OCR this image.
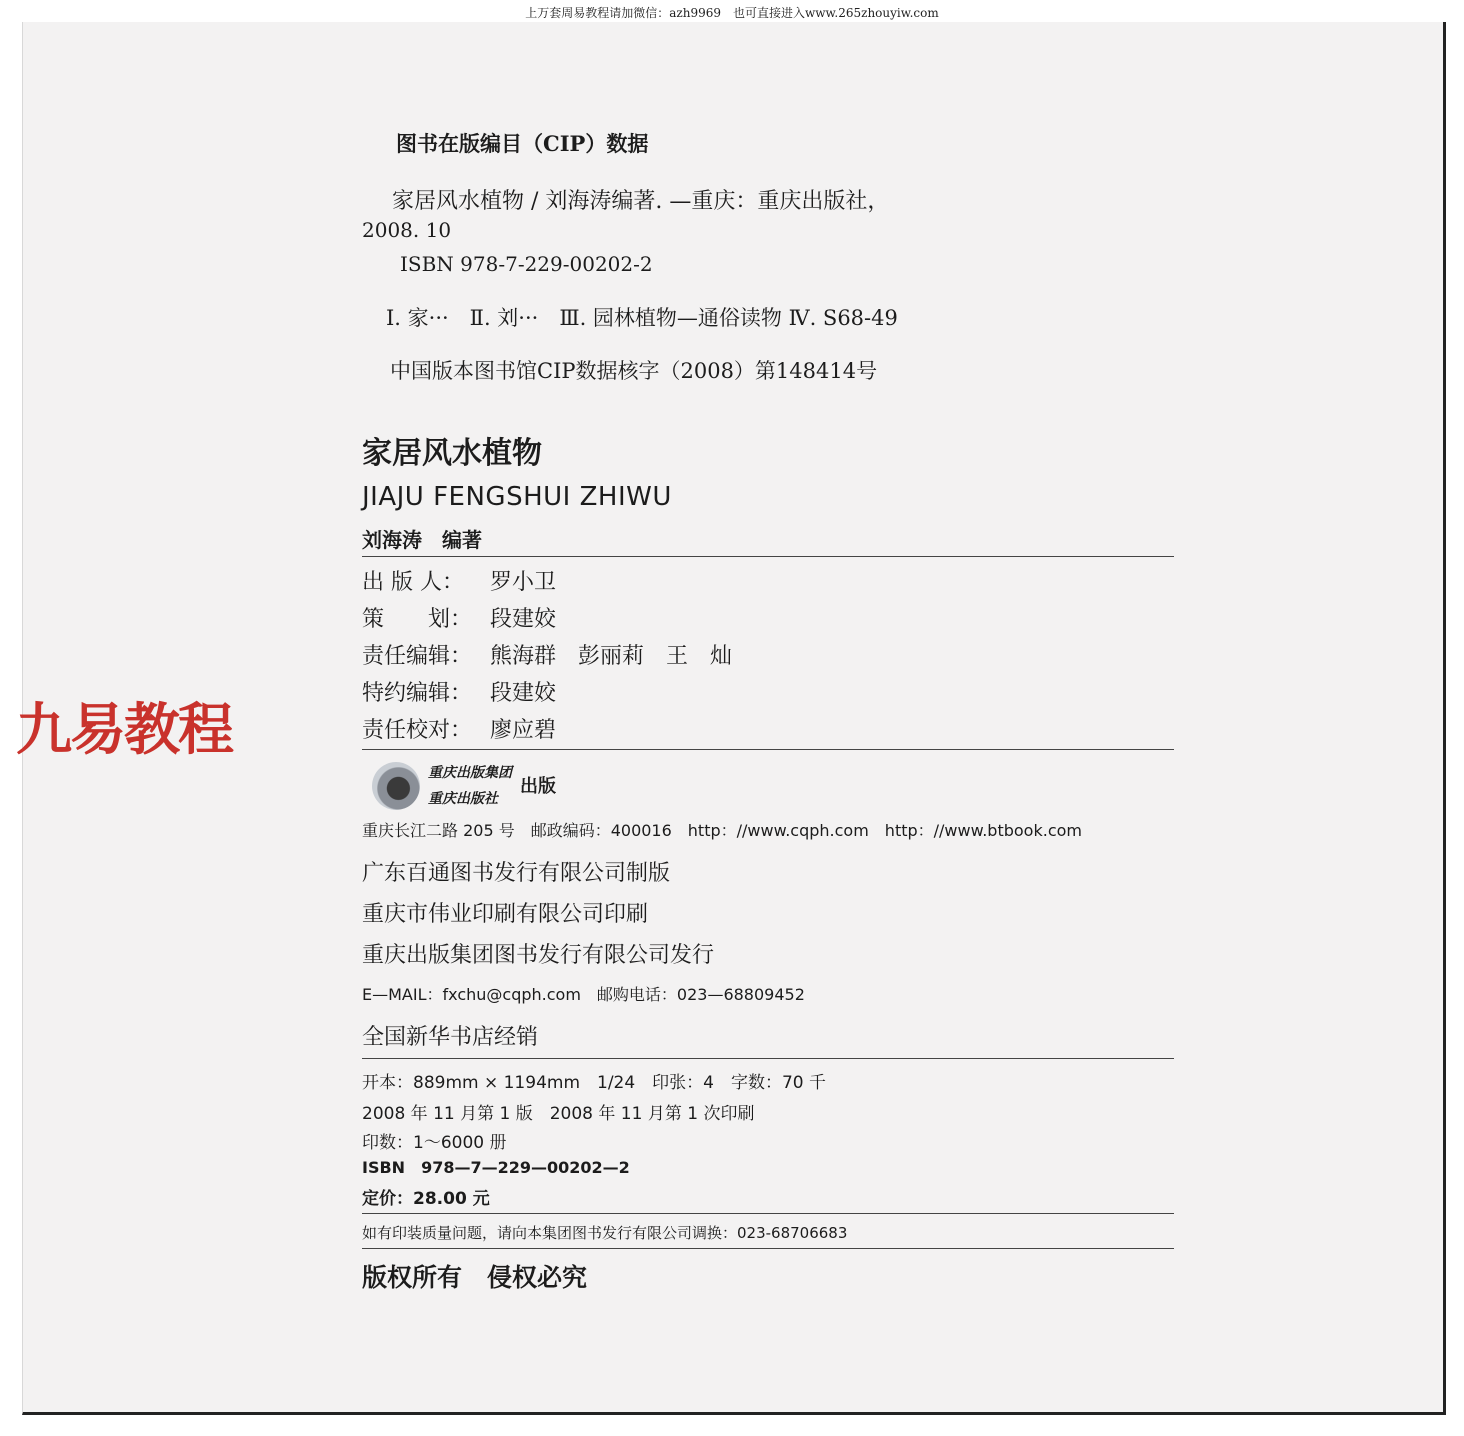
上万套周易教程请加微信：azh9969　也可直接进入www.265zhouyiw.com
图书在版编目（CIP）数据
家居风水植物 / 刘海涛编著. —重庆：重庆出版社，
2008. 10
ISBN 978-7-229-00202-2
Ⅰ. 家···　Ⅱ. 刘···　Ⅲ. 园林植物—通俗读物 Ⅳ. S68-49
中国版本图书馆CIP数据核字（2008）第148414号
家居风水植物
JIAJU FENGSHUI ZHIWU
刘海涛　编著
出 版 人： 罗小卫
策　　划： 段建姣
责任编辑： 熊海群　彭丽莉　王　灿
特约编辑： 段建姣
责任校对： 廖应碧
九易教程
重庆出版集团
重庆出版社
出版
重庆长江二路 205 号　邮政编码：400016　http：//www.cqph.com　http：//www.btbook.com
广东百通图书发行有限公司制版
重庆市伟业印刷有限公司印刷
重庆出版集团图书发行有限公司发行
E—MAIL：fxchu@cqph.com　邮购电话：023—68809452
全国新华书店经销
开本：889mm × 1194mm　1/24　印张：4　字数：70 千
2008 年 11 月第 1 版　2008 年 11 月第 1 次印刷
印数：1～6000 册
ISBN　978—7—229—00202—2
定价：28.00 元
如有印装质量问题，请向本集团图书发行有限公司调换：023-68706683
版权所有　侵权必究
